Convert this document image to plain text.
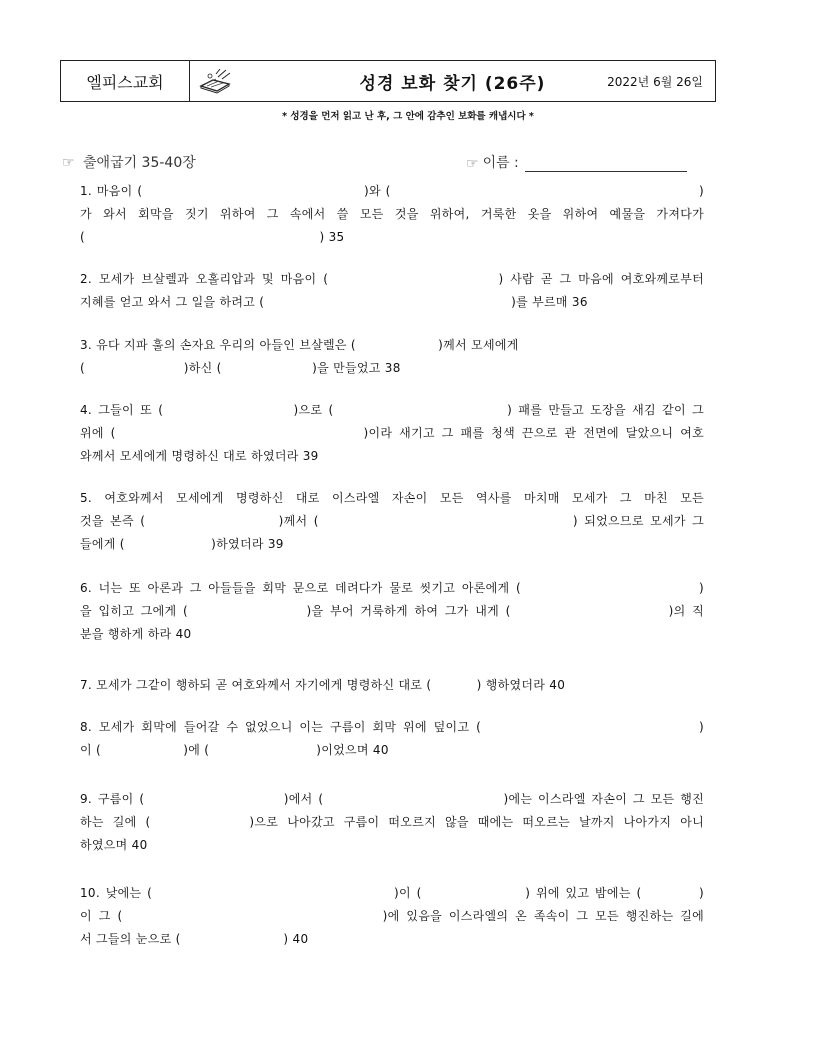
엘피스교회	성경 보화 찾기 (26주)	2022년 6월 26일
* 성경을 먼저 읽고 난 후, 그 안에 감추인 보화를 캐냅시다 *
☞ 출애굽기 35-40장	☞ 이름 :

1. 마음이 (                                              )와 (                                                                )

가 와서 회막을 짓기 위하여 그 속에서 쓸 모든 것을 위하여, 거룩한 옷을 위하여 예물을 가져다가

(                                                         ) 35

2. 모세가 브살렐과 오홀리압과 및 마음이 (                         ) 사람 곧 그 마음에 여호와께로부터

지혜를 얻고 와서 그 일을 하려고 (                                                            )를 부르매 36

3. 유다 지파 훌의 손자요 우리의 아들인 브살렐은 (                    )께서 모세에게

(                        )하신 (                      )을 만들었고 38

4. 그들이 또 (                     )으로 (                            ) 패를 만들고 도장을 새김 같이 그

위에 (                                    )이라 새기고 그 패를 청색 끈으로 관 전면에 달았으니 여호

와께서 모세에게 명령하신 대로 하였더라 39

5. 여호와께서 모세에게 명령하신 대로 이스라엘 자손이 모든 역사를 마치매 모세가 그 마친 모든

것을 본즉 (                     )께서 (                                        ) 되었으므로 모세가 그

들에게 (                     )하였더라 39

6. 너는 또 아론과 그 아들들을 회막 문으로 데려다가 물로 씻기고 아론에게 (                           )

을 입히고 그에게 (                  )을 부어 거룩하게 하여 그가 내게 (                        )의 직

분을 행하게 하라 40

7. 모세가 그같이 행하되 곧 여호와께서 자기에게 명령하신 대로 (           ) 행하였더라 40

8. 모세가 회막에 들어갈 수 없었으니 이는 구름이 회막 위에 덮이고 (                                )

이 (                    )에 (                          )이었으며 40

9. 구름이 (                        )에서 (                               )에는 이스라엘 자손이 그 모든 행진

하는 길에 (           )으로 나아갔고 구름이 떠오르지 않을 때에는 떠오르는 날까지 나아가지 아니

하였으며 40

10. 낮에는 (                                          )이 (                  ) 위에 있고 밤에는 (          )

이 그 (                                      )에 있음을 이스라엘의 온 족속이 그 모든 행진하는 길에

서 그들의 눈으로 (                         ) 40
